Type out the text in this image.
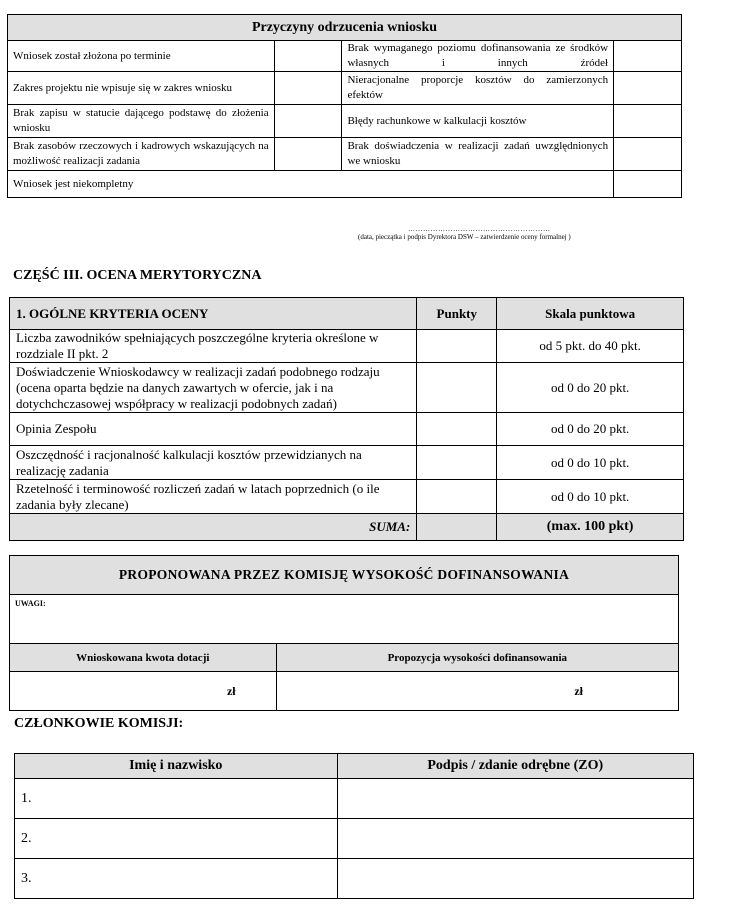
Przyczyny odrzucenia wniosku			
Wniosek został złożona po terminie		Brak wymaganego poziomu dofinansowania ze środków własnych i innych źródeł	
Zakres projektu nie wpisuje się w zakres wniosku		Nieracjonalne proporcje kosztów do zamierzonych efektów	
Brak zapisu w statucie dającego podstawę do złożenia wniosku		Błędy rachunkowe w kalkulacji kosztów	
Brak zasobów rzeczowych i kadrowych wskazujących na możliwość realizacji zadania		Brak doświadczenia w realizacji zadań uwzględnionych we wniosku	
Wniosek jest niekompletny			
…………………………………………………
(data, pieczątka i podpis Dyrektora DSW – zatwierdzenie oceny formalnej )
CZĘŚĆ III. OCENA MERYTORYCZNA
1. OGÓLNE KRYTERIA OCENY	Punkty	Skala punktowa
Liczba zawodników spełniających poszczególne kryteria określone w rozdziale II pkt. 2		od 5 pkt. do 40 pkt.
Doświadczenie Wnioskodawcy w realizacji zadań podobnego rodzaju (ocena oparta będzie na danych zawartych w ofercie, jak i na dotychchczasowej współpracy w realizacji podobnych zadań)		od 0 do 20 pkt.
Opinia Zespołu		od 0 do 20 pkt.
Oszczędność i racjonalność kalkulacji kosztów przewidzianych na realizację zadania		od 0 do 10 pkt.
Rzetelność i terminowość rozliczeń zadań w latach poprzednich (o ile zadania były zlecane)		od 0 do 10 pkt.
SUMA:		(max. 100 pkt)
PROPONOWANA PRZEZ KOMISJĘ WYSOKOŚĆ DOFINANSOWANIA	
UWAGI:	
Wnioskowana kwota dotacji	Propozycja wysokości dofinansowania
zł	zł
CZŁONKOWIE KOMISJI:
Imię i nazwisko	Podpis / zdanie odrębne (ZO)
1.	
2.	
3.	
